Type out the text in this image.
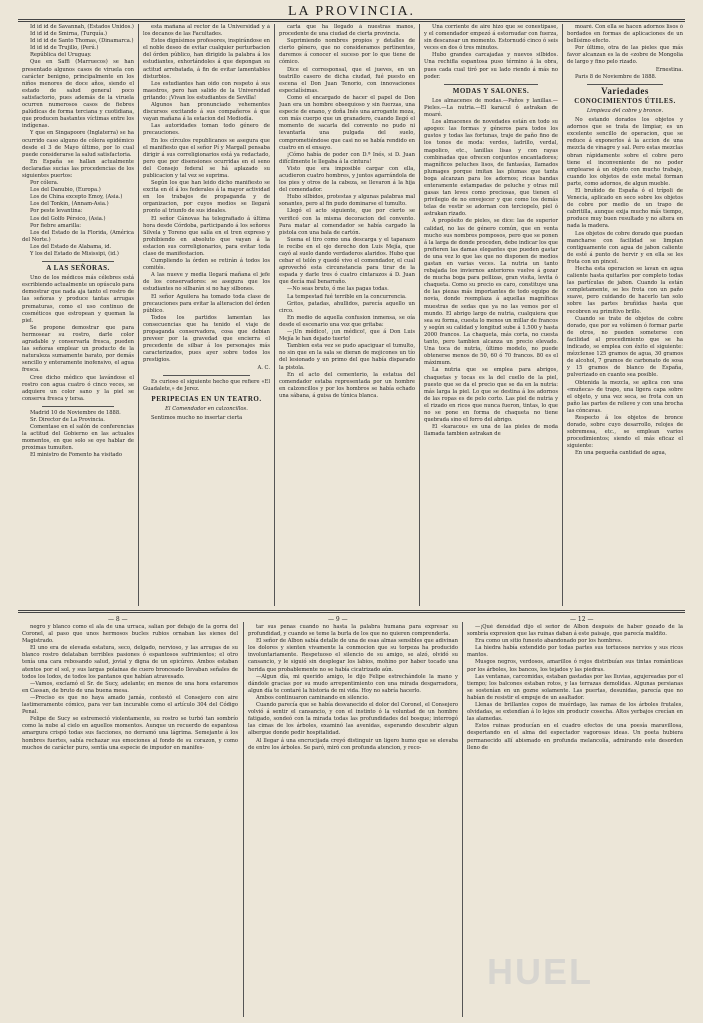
LA PROVINCIA.

Id id id de Savannah, (Estados Unidos.)

Id id id de Smirna, (Turquía.)

Id id id de Santo Thomas, (Dinamarca.)

Id id id de Trujillo, (Perú.)

República del Uruguay.

Que en Saffi (Marruecos) se han presentado algunos casos de viruela con carácter benigno, principalmente en los niños menores de doce años, siendo el estado de salud general poco satisfactorio, pues además de la viruela ocurren numerosos casos de fiebres palúdicas de forma terciana y cuotidiana, que producen bastantes víctimas entre los indígenas.

Y que en Singapoore (Inglaterra) se ha ocurrido caso alguno de cólera epidémico desde el 3 de Mayo último, por lo cual puede considerarse la salud satisfactoria.

En España se hallan actualmente declaradas sucias las procedencias de los siguientes puertos:

Por cólera.

Los del Danubio, (Europa.)

Los de China excepto Emoy, (Asia.)

Los del Tonkin, (Annam-Asia.)

Por peste levantina:

Los del Golfo Pérsico, (Asia.)

Por fiebre amarilla:

Los del Estado de la Florida, (América del Norte.)

Los del Estado de Alabama, id.

Y los del Estado de Misissipi, (id.)

A LAS SEÑORAS.

Uno de los médicos más célebres está escribiendo actualmente un opúsculo para demostrar que nada aja tanto el rostro de las señoras y produce tantas arrugas prematuras, como el uso continuo de cosméticos que estropean y queman la piel.

Se propone demostrar que para hermosear su rostro, darle color agradable y conservarla fresca, pueden las señoras emplear un producto de la naturaleza sumamente barato, por demás sencillo y enteramente inofensivo, el agua fresca.

Cree dicho médico que lavándose el rostro con agua cuatro ó cinco veces, se adquiere un color sano y la piel se conserva fresca y tersa.

Madrid 10 de Noviembre de 1888.

Sr. Director de La Provincia.

Comentase en el salón de conferencias la actitud del Gobierno en las actuales momentos, en que solo se oye hablar de proximas tumuiten.

El ministro de Fomento ha visitado

esta mañana al rector de la Universidad y á los decanos de las Facultades.

Estos dignísimos profesores, inspirándose en el noble deseo de evitar cualquier perturbacion del órden público, han dirigido la palabra á los estudiantes, exhortándoles á que depongan su actitud arrebatada, á fin de evitar lamentables disturbios.

Los estudiantes han oido con respeto á sus maestros, pero han salido de la Universidad gritando: ¡Vivan los estudiantes de Sevilla!

Algunos han pronunciado vehementes discursos excitando á sus compañeros á que vayan mañana á la estacion del Mediodía.

Las autoridades toman todo género de precauciones.

En los círculos republicanos se asegura que el manifiesto que el señor Pí y Margall pensaba dirigir á sus correligionarios está ya redactado, pero que por disensiones ocurridas en el seno del Consejo federal se há aplazado su publicacion y tal vez se suprima.

Según los que han leido dicho manifiesto se excita en él á los federales á la mayor actividad en los trabajos de propaganda y de organizacion, por cuyos medios se llegará pronto al triunfo de sus ideales.

El señor Cánovas ha telegrafiado á última hora desde Córdoba, participando á los señores Silvela y Toreno que salía en el tren expreso y prohibiendo en absoluto que vayan á la estacion sus correligionarios, para evitar toda clase de manifestacion.

Cumpliendo la órden se retirán á todos los comités.

A las nueve y media llegará mañana el jefe de los conservadores: se asegura que los estudiantes no silbarán si no hay silbones.

El señor Aguilera ha tomado toda clase de precauciones para evitar la alteracion del órden público.

Todos los partidos lamentan las consecuencias que ha tenido el viaje de propaganda conservadora, cosa que debian preveer por la gravedad que encierra el precedente de silbar á los personajes más caracterizados, pues ayer sobre todos los prestigios.

A. C.

Es curioso el siguiente hecho que refiere «El Guadalete,» de Jerez.

PERIPECIAS EN UN TEATRO.

El Comendador en calzoncillos.

Sentimos mucho no insertar cierta

carta que ha llegado á nuestras manos, procedente de una ciudad de cierta provincia.

Suprimiendo nombres propios y detalles de cierto género, que no consideramos pertinentes, daremos á conocer el suceso por lo que tiene de cómico.

Dice el corresponsal, que el jueves, en un teatrillo casero de dicha ciudad, fué puesto en escena el Don Juan Tenorio, con innovaciones especialísimas.

Como el encargado de hacer el papel de Don Juan era un hombre obsequioso y sin fuerzas, una especie de enano, y doña Inés una arrogante moza, con más cuerpo que un granadero, cuando llegó el momento de sacarla del convento no pudo ni levantarla una pulgada del suelo, comprometiéndose que casi no se había rendido en cuatro en el ensayo.

¡Cómo había de poder con D.ª Inés, si D. Juan difícilmente le llegaba á la cintura!

Visto que era imposible cargar con ella, acudieron cuatro hombres, y juntos agarrándola de los pies y otros de la cabeza, se llevaron á la hija del comendador.

Hubo silbidos, protestas y algunas palabras mal sonantes, pero al fin pudo dominarse el tumulto.

Llegó el acto siguiente, que por cierto se verificó con la misma decoracion del convento. Para matar al comendador se había cargado la pistola con una bala de cartón.

Suena el tiro como una descarga y el tapanazo le recibe en el ojo derecho don Luis Mejía, que cayó al suelo dando verdaderos alaridos. Hubo que cebar el telón y quedó vivo el comendador, el cual aprovechó esta circunstancia para tirar de la espada y darle tres ó cuatro cintarazos á D. Juan que decía mal benarraño.

—No seas bruto, ó me las pagas todas.

La tempestad fué terrible en la concurrencia.

Gritos, patadas, ahullidos, parecía aquello un circo.

En medio de aquella confusion inmensa, se oía desde el escenario una voz que gritaba:

—¡Un médico!, ¡un médico!, que á Don Luis Mejía le han dejado tuerto!

Tambien esta vez se pudo apaciguar el tumulto, no sin que en la sala se dieran de mojicones un tío del lesionado y un primo del que había disparado la pistola.

En el acto del cementerio, la estatua del comendador estaba representada por un hombre en calzoncillos y por los hombros se había echado una sábana, á guisa de túnica blanca.

Una corriente de aire hizo que se conestipase, y el comendador empezó á estornudar con fuerza, sin descansar un momento. Estornudó cinco ó seis veces en dos ó tres minutos.

Hubo grandes carcajadas y nuevos silbidos. Una rechifla espantosa puso término á la obra, pues cada cual tiró por su lado riendo á más no poder.

MODAS Y SALONES.

Los almacenes de modas.—Paños y lanillas.—Pieles.—La nutria.—El karacul ó astrakan de moaré.

Los almacenes de novedades están en todo su apogeo: las formas y géneros para todos los gustos y todas las fortunas, traje de paño fino de los tonos de moda: verdes, ladrillo, verdal, mapolico, etc., lanillas lisas y con rayas combinadas que ofrecen conjuntos encantadores; magníficos peluches lisos, de fantasías, llamados plumages porque imitan las plumas que tanta boga alcanzan para los adornos; ricas bandas enteramente estampadas de peluche y otras mil gasas tan leves como preciosas, que tienen el privilegio de no envejecer y que como los demás telas de vestir se adornan con terciopelo, piel ó astrakan rizado.

A propósito de pieles, se dice: las de superior calidad, no las de género común, que en venta mucho sus nombres pomposos, pero que se ponen á la larga de donde proceden, debe indicar los que prefieren las damas elegantes que pueden gastar de una vez lo que las que no disponen de medios gastan en varias veces. La nutria un tanto rebajada los inviernos anteriores vuelve á gozar de mucha boga para pellizas, gran visita, levita ó chaqueta. Como su precio es caro, constituye una de las piezas más importantes de todo equipo de novia, donde reemplaza á aquellas magníficas muestras de sedas que ya no las vemos por el mundo. El abrigo largo de nutria, cualquiera que sea su forma, cuesta lo menos un millar de francos y según su calidad y longitud sube á 1.500 y hasta 2000 francos. La chaqueta, más corta, no cuesta tanto, pero tambien alcanza un precio elevado. Una toca de nutria, último modelo, no puede obtenerse menos de 50, 60 ó 70 francos. 80 es el máximum.

La nutria que se emplea para abrigos, chaquetas y tocas es la del cuello de la piel, puesto que se da el precio que se da en la nutria: más larga la piel. Lo que se destina á los adornos de las ropas es de pelo corto. Las piel de nutria y el rizado en ricos que nunca fueron, tintas, lo que no se pone en forma de chaqueta no tiene quebrada sino el forro del abrigo.

El «karacou» es una de las pieles de moda llamada tambien astrakan de

moaré. Con ella se hacen adornos lisos ó bordados en formas de aplicaciones de un bellísimo efecto.

Por último, otra de las pieles que más favor alcanzan es la de «zobre de Mongolia de largo y fino pelo rizado.

Ernestina.

Paris 8 de Noviembre de 1888.

Variedades
CONOCIMIENTOS ÚTILES.

Limpieza del cobre y bronce.

No estando dorados los objetos y adornos que se trata de limpiar, es un excelente sencillo de operacion, que se reduce á exponerlos á la accion de una mezcla de vinagre y sal. Pero estas mezclas obran rápidamente sobre el cobre pero tiene el inconveniente de no poder emplearse á un objeto con mucho trabajo, cuando los objetos de este metal forman parte, como adornos, de algun mueble.

El bruñido de España ó el trípoli de Venecia, aplicado en seco sobre los objetos de cobre por medio de un trapo de cabritilla, aunque exija mucho más tiempo, produce muy buen resultado y no altera en nada la madera.

Los objetos de cobre dorado que puedan mancharse con facilidad se limpian contiguamente con agua de jabon caliente de esté á punto de hervir y en ella se les frota con un pincel.

Hecha esta operacion se lavan en agua caliente hasta quitarles por completo todas las partículas de jabon. Cuando la están completamente, se les frota con un paño suave, pero cuidando de hacerlo tan solo sobre las partes bruñidas hasta que recobren su primitivo brillo.

Cuando se trate de objetos de cobre dorado, que por su volúmen ó formar parte de otros, no pueden someterse con facilidad al procedimiento que se ha indicado, se emplea con éxito el siguiente: mézclense 125 gramos de agua, 30 gramos de alcohol, 7 gramos de carbonato de sosa y 15 gramos de blanco de España, pulverizado en cuanto sea posible.

Obtenida la mezcla, se aplica con una «muñeca» de trapo, una ligera capa sobre el objeto, y una vez seca, se frota con un paño las partes de relieve y con una brocha las cóncavas.

Respecto á los objetos de bronce dorado, sobre cuyo desarrollo, relojes de sobremesa, etc., se emplean varios procedimientos; siendo el más eficaz el siguiente:

En una pequeña cantidad de agua,

— 8 —	— 9 —	— 12 —

negro y blanco como el ala de una urraca, salían por debajo de la gorra del Coronel, al paso que unos hermosos bucles rubios ornaban las sienes del Magistrado.

El uno era de elevada estatura, seco, delgado, nervioso, y las arrugas de su blanco rostro delataban terribles pasiones ó espantosos sufrimientos; el otro tenía una cara rebosando salud, jovial y digna de un epicúreo. Ambos estaban atentos por el sol, y sus largas polainas de cuero bronceado llevaban señales de todos los lodos, de todos los pantanos que habían atravesado.

—Vamos, exclamó el Sr. de Sucy, adelante; en menos de una hora estaremos en Cassan, de bruto de una buena mesa.

—Preciso es que no haya amado jamás, contestó el Consejero con aire lastimeramente cómico, para ver tan incurable como el artículo 304 del Código Penal.

Felipe de Sucy se estremeció violentamente, su rostro se turbó tan sombrío como la nube al cielo en aquellos momentos. Aunque un recuerdo de espantosa amargura crispó todas sus facciones, no derramó una lágrima. Semejante á los hombres fuertes, sabía rechazar sus emociones al fondo de su corazon, y como muchos de carácter puro, sentía una especie de impudor en manifes-

tar sus penas cuando no hasta la palabra humana para expresar su profundidad, y cuando se teme la burla de los que no quieren comprenderla.

El señor de Albon sabía detalle de una de esas almas sensibles que adivinan los dolores y sienten vivamente la conmocion que su torpeza ha producido involuntariamente. Respetuoso el silencio de su amigo, se alzó, olvidó su cansancio, y le siguió sin desplegar los labios, mohino por haber tocado una herida que probablemente no se había cicatrizado aún.

—Algun día, mi querido amigo, le dijo Felipe estrechándole la mano y dándole gracias por su mudo arrepentimiento con una mirada desgarradora, algun día te contaré la historia de mi vida. Hoy no sabría hacerlo.

Ambos continuaron caminando en silencio.

Cuando parecía que se había desvanecido el dolor del Coronel, el Consejero volvió á sentir el cansancio, y con el instinto ó la voluntad de un hombre fatigado, sondeó con la mirada todas las profundidades del bosque; interrogó las cimas de los árboles, examinó las avenidas, esperando descubrir algun albergue donde pedir hospitalidad.

Al llegar á una encrucijada creyó distinguir un ligero humo que se elevaba de entre los árboles. Se paró, miró con profunda atencion, y reco-

—¡Qué densidad dijo el señor de Albon después de haber gozado de la sombría expresion que las ruinas daban á este paisaje, que parecía maldito.

Era como un sitio funesto abandonado por los hombres.

La hiedra había extendido por todas partes sus tortuosos nervios y sus ricos mantos.

Musgos negros, verdosos, amarillos ó rojos distribuían sus tintas románticas por los árboles, los bancos, los tejados y las piedras.

Las ventanas, carcomidas, estaban gastadas por las lluvias, agujereadas por el tiempo; los balcones estaban rotos, y las terrazas demolidas. Algunas persianas se sostenían en un gozne solamente. Las puertas, desunidas, parecía que no habían de resistir el empuje de un asaltador.

Llenas de brillantes copos de muérdago, las ramas de los árboles frutales, olvidadas, se extendían á lo lejos sin producir cosecha. Altos yerbajos crecían en las alamedas.

Estos ruinas producían en el cuadro efectos de una poesía maravillosa, despertando en el alma del espectador vagorosas ideas. Un poeta hubiera permanecido allí abismado en profunda melancolía, admirando este desorden lleno de

HUEL
